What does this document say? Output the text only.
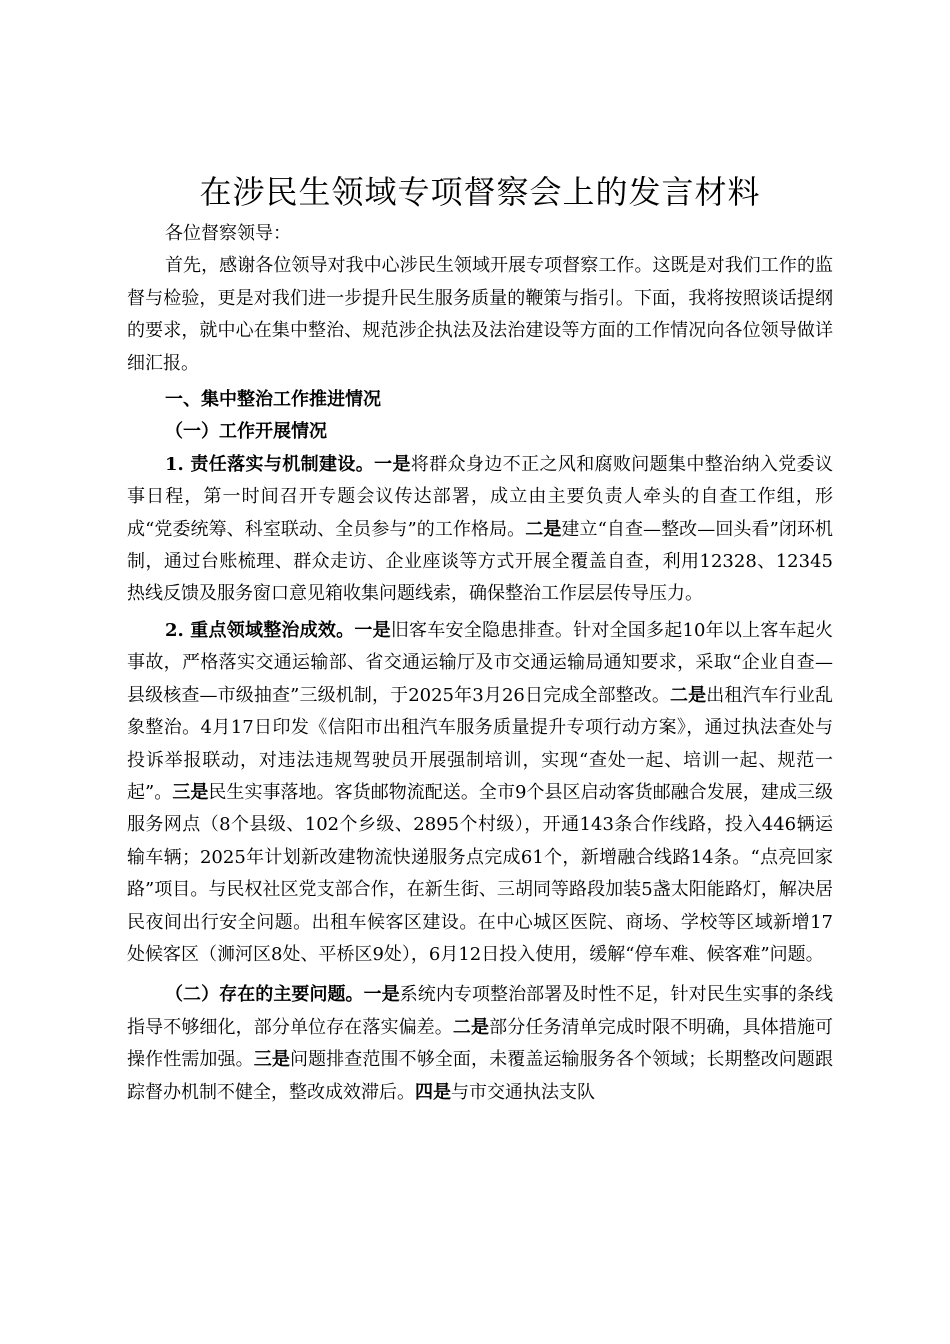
在涉民生领域专项督察会上的发言材料

各位督察领导：

首先，感谢各位领导对我中心涉民生领域开展专项督察工作。这既是对我们工作的监督与检验，更是对我们进一步提升民生服务质量的鞭策与指引。下面，我将按照谈话提纲的要求，就中心在集中整治、规范涉企执法及法治建设等方面的工作情况向各位领导做详细汇报。

一、集中整治工作推进情况

（一）工作开展情况

1. 责任落实与机制建设。一是将群众身边不正之风和腐败问题集中整治纳入党委议事日程，第一时间召开专题会议传达部署，成立由主要负责人牵头的自查工作组，形成“党委统筹、科室联动、全员参与”的工作格局。二是建立“自查—整改—回头看”闭环机制，通过台账梳理、群众走访、企业座谈等方式开展全覆盖自查，利用12328、12345热线反馈及服务窗口意见箱收集问题线索，确保整治工作层层传导压力。

2. 重点领域整治成效。一是旧客车安全隐患排查。针对全国多起10年以上客车起火事故，严格落实交通运输部、省交通运输厅及市交通运输局通知要求，采取“企业自查—县级核查—市级抽查”三级机制，于2025年3月26日完成全部整改。二是出租汽车行业乱象整治。4月17日印发《信阳市出租汽车服务质量提升专项行动方案》，通过执法查处与投诉举报联动，对违法违规驾驶员开展强制培训，实现“查处一起、培训一起、规范一起”。三是民生实事落地。客货邮物流配送。全市9个县区启动客货邮融合发展，建成三级服务网点（8个县级、102个乡级、2895个村级），开通143条合作线路，投入446辆运输车辆；2025年计划新改建物流快递服务点完成61个，新增融合线路14条。“点亮回家路”项目。与民权社区党支部合作，在新生街、三胡同等路段加装5盏太阳能路灯，解决居民夜间出行安全问题。出租车候客区建设。在中心城区医院、商场、学校等区域新增17处候客区（浉河区8处、平桥区9处），6月12日投入使用，缓解“停车难、候客难”问题。

（二）存在的主要问题。一是系统内专项整治部署及时性不足，针对民生实事的条线指导不够细化，部分单位存在落实偏差。二是部分任务清单完成时限不明确，具体措施可操作性需加强。三是问题排查范围不够全面，未覆盖运输服务各个领域；长期整改问题跟踪督办机制不健全，整改成效滞后。四是与市交通执法支队
